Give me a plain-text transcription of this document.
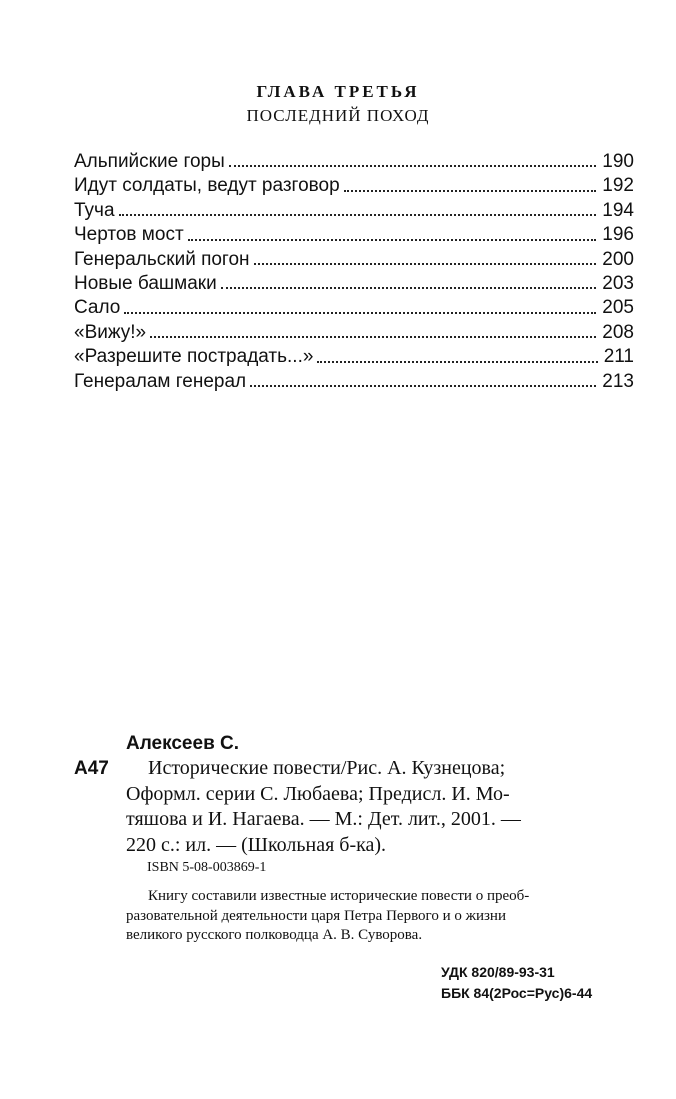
ГЛАВА ТРЕТЬЯ
ПОСЛЕДНИЙ ПОХОД
Альпийские горы	190
Идут солдаты, ведут разговор	192
Туча	194
Чертов мост	196
Генеральский погон	200
Новые башмаки	203
Сало	205
«Вижу!»	208
«Разрешите пострадать...»	211
Генералам генерал	213
Алексеев С.
А47	Исторические повести/Рис. А. Кузнецова;
Оформл. серии С. Любаева; Предисл. И. Мо-
тяшова и И. Нагаева. — М.: Дет. лит., 2001. —
220 с.: ил. — (Школьная б-ка).
ISBN 5-08-003869-1
Книгу составили известные исторические повести о преоб-
разовательной деятельности царя Петра Первого и о жизни
великого русского полководца А. В. Суворова.
УДК 820/89-93-31
ББК 84(2Рос=Рус)6-44
